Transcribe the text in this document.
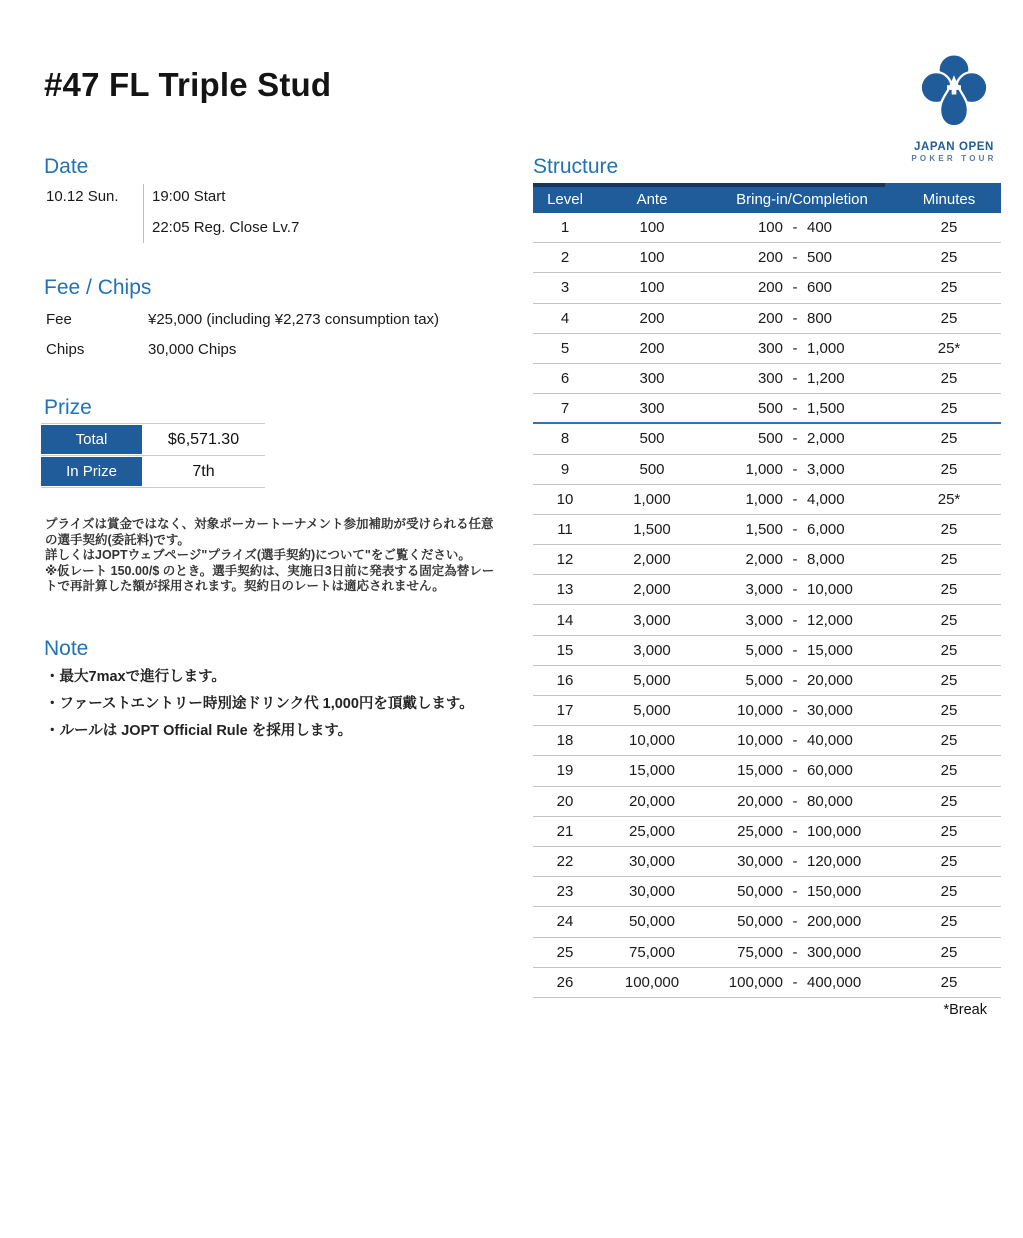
#47 FL Triple Stud
JAPAN OPEN
POKER TOUR
Date
10.12 Sun. 19:00 Start
22:05 Reg. Close Lv.7
Fee / Chips
Fee	¥25,000 (including ¥2,273 consumption tax)
Chips	30,000 Chips
Prize
Total	$6,571.30
In Prize	7th

プライズは賞金ではなく、対象ポーカートーナメント参加補助が受けられる任意の選手契約(委託料)です。

詳しくはJOPTウェブページ"プライズ(選手契約)について"をご覧ください。

※仮レート 150.00/$ のとき。選手契約は、実施日3日前に発表する固定為替レートで再計算した額が採用されます。契約日のレートは適応されません。

Note
・最大7maxで進行します。
・ファーストエントリー時別途ドリンク代 1,000円を頂戴します。
・ルールは JOPT Official Rule を採用します。
Structure
Level	Ante	Bring-in/Completion	Minutes
1	100	100 - 400	25
2	100	200 - 500	25
3	100	200 - 600	25
4	200	200 - 800	25
5	200	300 - 1,000	25*
6	300	300 - 1,200	25
7	300	500 - 1,500	25
8	500	500 - 2,000	25
9	500	1,000 - 3,000	25
10	1,000	1,000 - 4,000	25*
11	1,500	1,500 - 6,000	25
12	2,000	2,000 - 8,000	25
13	2,000	3,000 - 10,000	25
14	3,000	3,000 - 12,000	25
15	3,000	5,000 - 15,000	25
16	5,000	5,000 - 20,000	25
17	5,000	10,000 - 30,000	25
18	10,000	10,000 - 40,000	25
19	15,000	15,000 - 60,000	25
20	20,000	20,000 - 80,000	25
21	25,000	25,000 - 100,000	25
22	30,000	30,000 - 120,000	25
23	30,000	50,000 - 150,000	25
24	50,000	50,000 - 200,000	25
25	75,000	75,000 - 300,000	25
26	100,000	100,000 - 400,000	25
*Break
